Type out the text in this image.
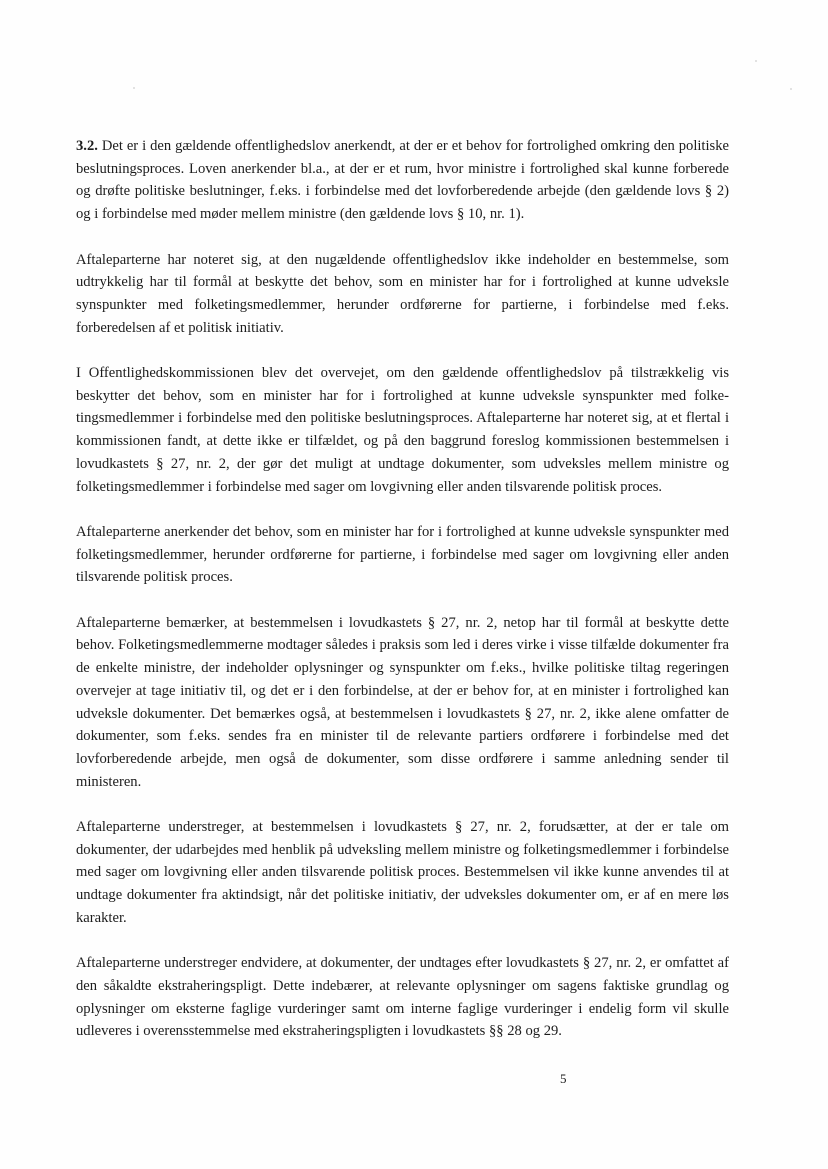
3.2. Det er i den gældende offentlighedslov anerkendt, at der er et behov for fortrolighed omkring den politiske beslutningsproces. Loven anerkender bl.a., at der er et rum, hvor ministre i fortrolighed skal kunne forberede og drøfte politiske beslutninger, f.eks. i forbindelse med det lovforberedende arbejde (den gældende lovs § 2) og i forbindelse med møder mellem ministre (den gældende lovs § 10, nr. 1).

Aftaleparterne har noteret sig, at den nugældende offentlighedslov ikke indeholder en bestemmelse, som udtrykkelig har til formål at beskytte det behov, som en minister har for i fortrolighed at kunne udveksle synspunkter med folketingsmedlemmer, herunder ordførerne for partierne, i forbindelse med f.eks. forberedelsen af et politisk initiativ.

I Offentlighedskommissionen blev det overvejet, om den gældende offentlighedslov på tilstrækkelig vis beskytter det behov, som en minister har for i fortrolighed at kunne udveksle synspunkter med folketingsmedlemmer i forbindelse med den politiske beslutningsproces. Aftaleparterne har noteret sig, at et flertal i kommissionen fandt, at dette ikke er tilfældet, og på den baggrund foreslog kommissionen bestemmelsen i lovudkastets § 27, nr. 2, der gør det muligt at undtage dokumenter, som udveksles mellem ministre og folketingsmedlemmer i forbindelse med sager om lovgivning eller anden tilsvarende politisk proces.

Aftaleparterne anerkender det behov, som en minister har for i fortrolighed at kunne udveksle synspunkter med folketingsmedlemmer, herunder ordførerne for partierne, i forbindelse med sager om lovgivning eller anden tilsvarende politisk proces.

Aftaleparterne bemærker, at bestemmelsen i lovudkastets § 27, nr. 2, netop har til formål at beskytte dette behov. Folketingsmedlemmerne modtager således i praksis som led i deres virke i visse tilfælde dokumenter fra de enkelte ministre, der indeholder oplysninger og synspunkter om f.eks., hvilke politiske tiltag regeringen overvejer at tage initiativ til, og det er i den forbindelse, at der er behov for, at en minister i fortrolighed kan udveksle dokumenter. Det bemærkes også, at bestemmelsen i lovudkastets § 27, nr. 2, ikke alene omfatter de dokumenter, som f.eks. sendes fra en minister til de relevante partiers ordførere i forbindelse med det lovforberedende arbejde, men også de dokumenter, som disse ordførere i samme anledning sender til ministeren.

Aftaleparterne understreger, at bestemmelsen i lovudkastets § 27, nr. 2, forudsætter, at der er tale om dokumenter, der udarbejdes med henblik på udveksling mellem ministre og folketingsmedlemmer i forbindelse med sager om lovgivning eller anden tilsvarende politisk proces. Bestemmelsen vil ikke kunne anvendes til at undtage dokumenter fra aktindsigt, når det politiske initiativ, der udveksles dokumenter om, er af en mere løs karakter.

Aftaleparterne understreger endvidere, at dokumenter, der undtages efter lovudkastets § 27, nr. 2, er omfattet af den såkaldte ekstraheringspligt. Dette indebærer, at relevante oplysninger om sagens faktiske grundlag og oplysninger om eksterne faglige vurderinger samt om interne faglige vurderinger i endelig form vil skulle udleveres i overensstemmelse med ekstraheringspligten i lovudkastets §§ 28 og 29.

5
